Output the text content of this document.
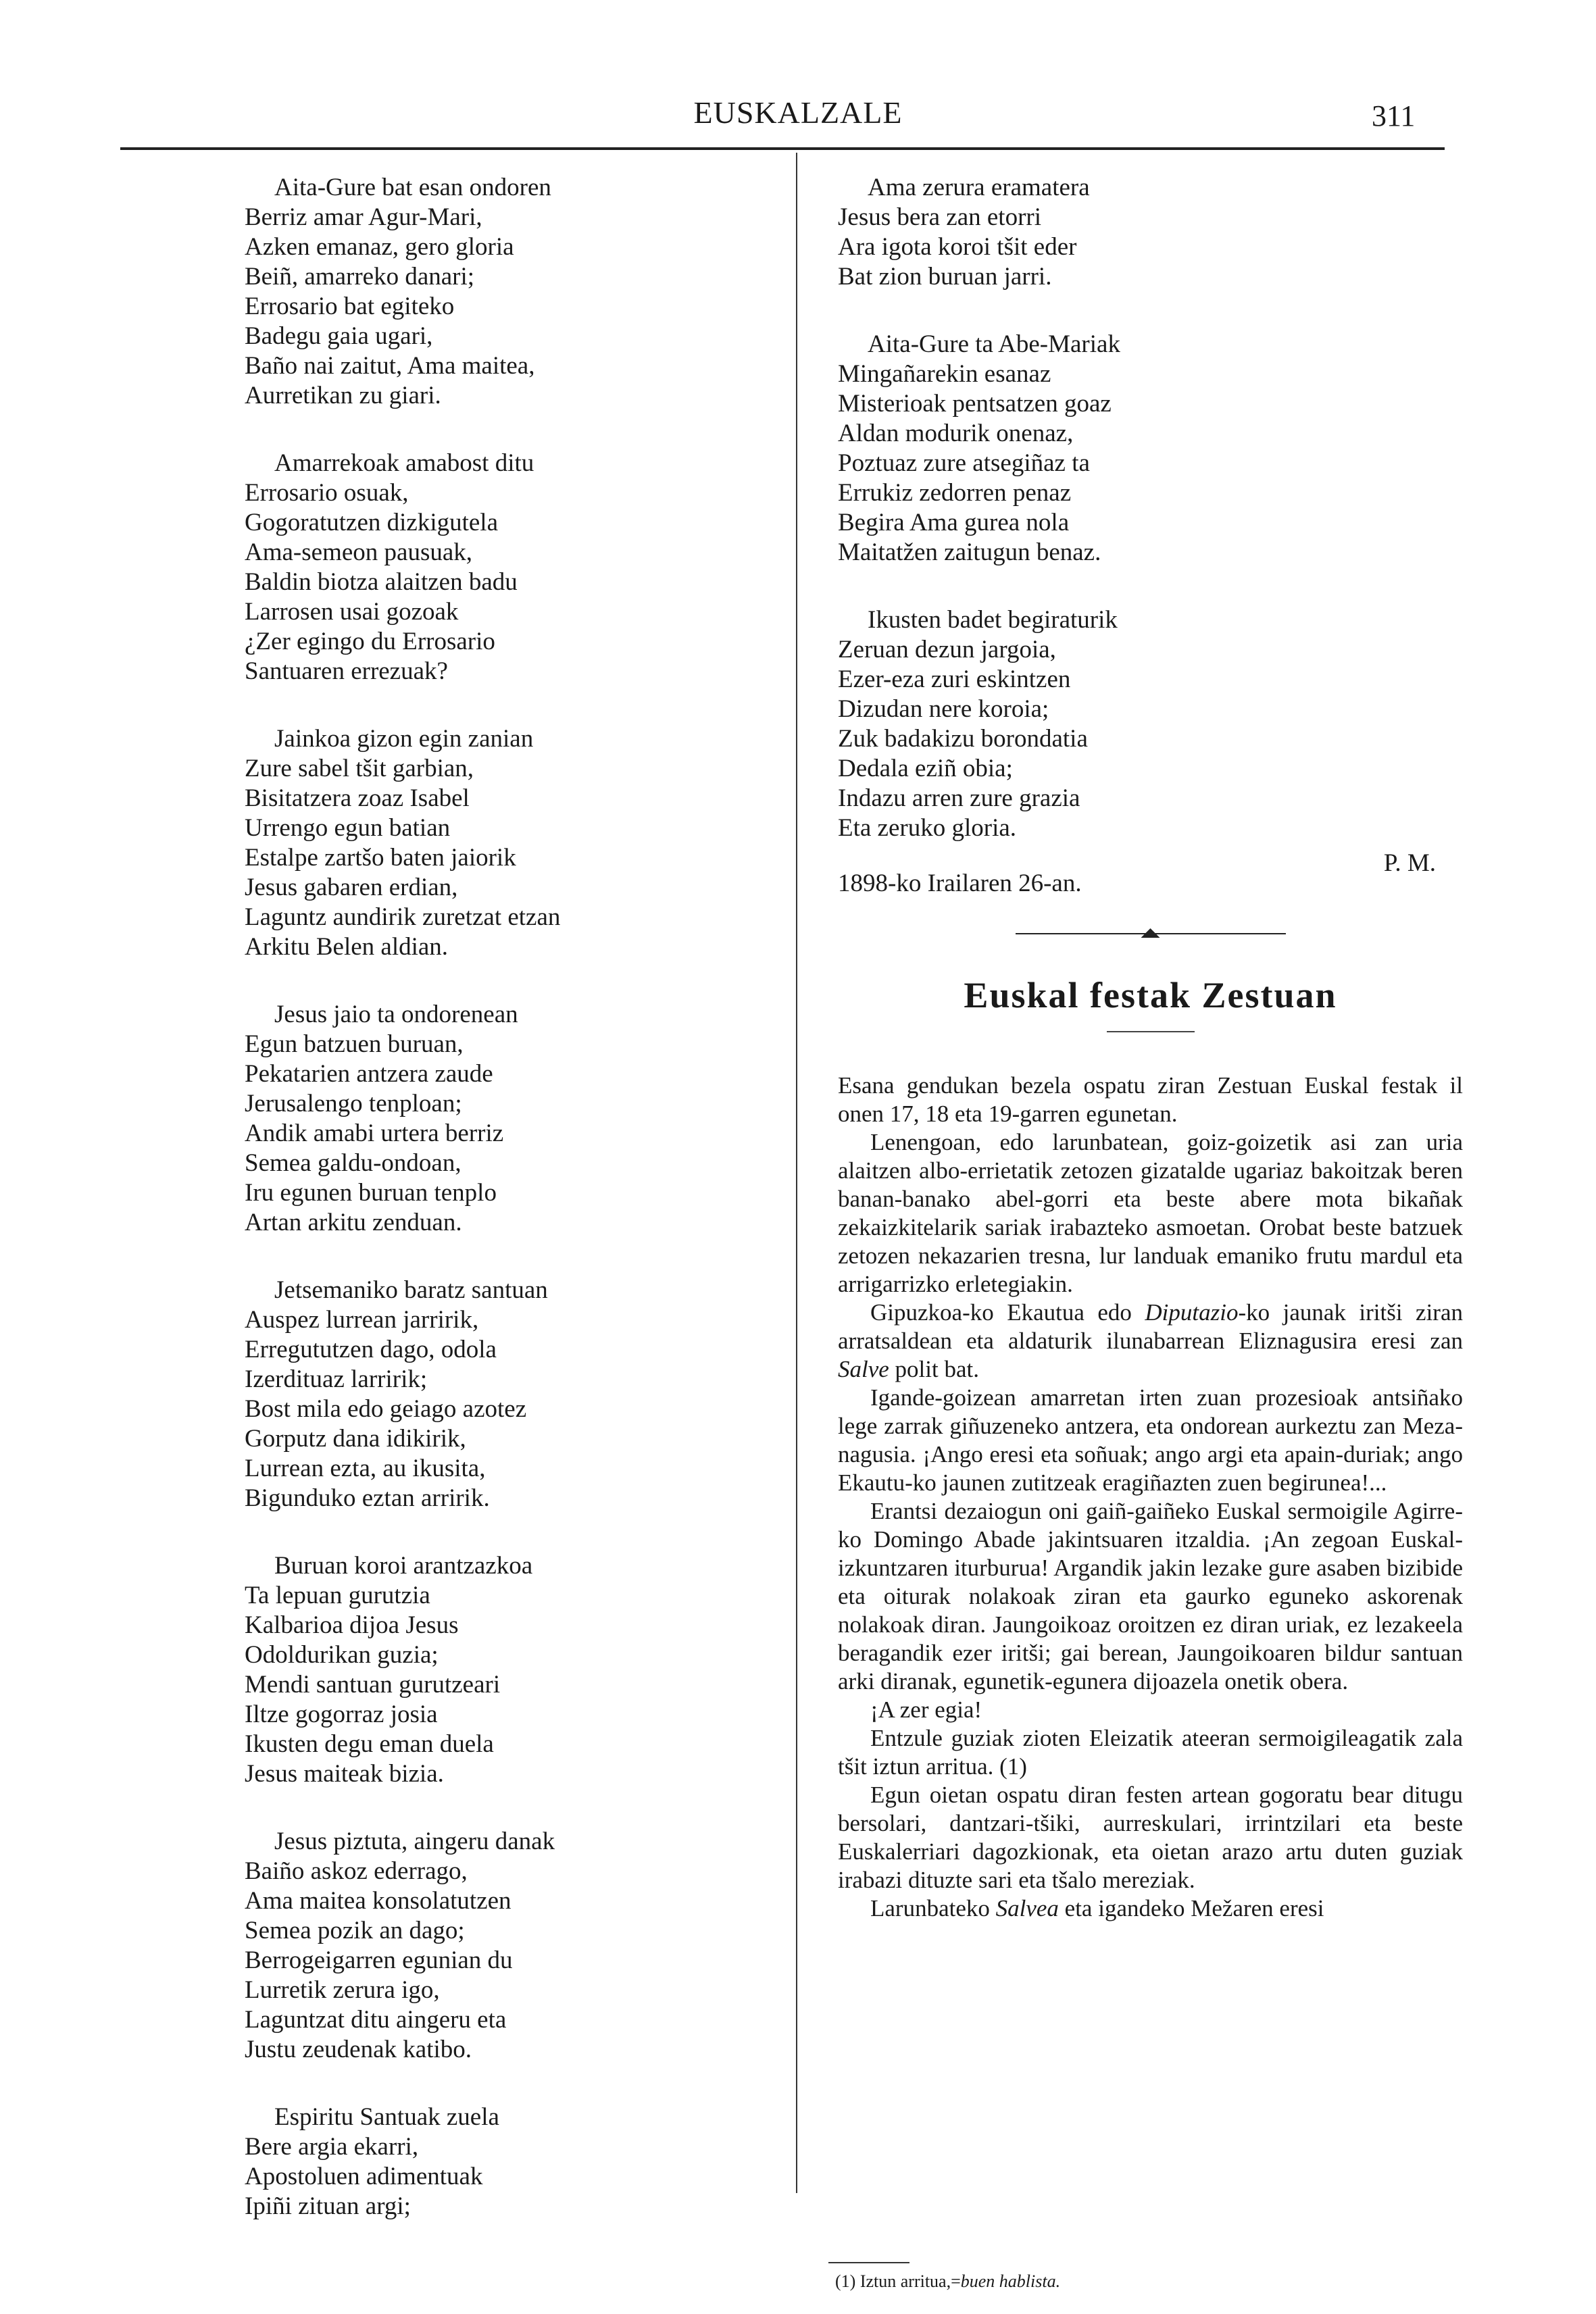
EUSKALZALE	311
Aita-Gure bat esan ondoren
Berriz amar Agur-Mari,
Azken emanaz, gero gloria
Beiñ, amarreko danari;
Errosario bat egiteko
Badegu gaia ugari,
Baño nai zaitut, Ama maitea,
Aurretikan zu giari.
Amarrekoak amabost ditu
Errosario osuak,
Gogoratutzen dizkigutela
Ama-semeon pausuak,
Baldin biotza alaitzen badu
Larrosen usai gozoak
¿Zer egingo du Errosario
Santuaren errezuak?
Jainkoa gizon egin zanian
Zure sabel tšit garbian,
Bisitatzera zoaz Isabel
Urrengo egun batian
Estalpe zartšo baten jaiorik
Jesus gabaren erdian,
Laguntz aundirik zuretzat etzan
Arkitu Belen aldian.
Jesus jaio ta ondorenean
Egun batzuen buruan,
Pekatarien antzera zaude
Jerusalengo tenploan;
Andik amabi urtera berriz
Semea galdu-ondoan,
Iru egunen buruan tenplo
Artan arkitu zenduan.
Jetsemaniko baratz santuan
Auspez lurrean jarririk,
Erregututzen dago, odola
Izerdituaz larririk;
Bost mila edo geiago azotez
Gorputz dana idikirik,
Lurrean ezta, au ikusita,
Bigunduko eztan arririk.
Buruan koroi arantzazkoa
Ta lepuan gurutzia
Kalbarioa dijoa Jesus
Odoldurikan guzia;
Mendi santuan gurutzeari
Iltze gogorraz josia
Ikusten degu eman duela
Jesus maiteak bizia.
Jesus piztuta, aingeru danak
Baiño askoz ederrago,
Ama maitea konsolatutzen
Semea pozik an dago;
Berrogeigarren egunian du
Lurretik zerura igo,
Laguntzat ditu aingeru eta
Justu zeudenak katibo.
Espiritu Santuak zuela
Bere argia ekarri,
Apostoluen adimentuak
Ipiñi zituan argi;
Ama zerura eramatera
Jesus bera zan etorri
Ara igota koroi tšit eder
Bat zion buruan jarri.
Aita-Gure ta Abe-Mariak
Mingañarekin esanaz
Misterioak pentsatzen goaz
Aldan modurik onenaz,
Poztuaz zure atsegiñaz ta
Errukiz zedorren penaz
Begira Ama gurea nola
Maitatžen zaitugun benaz.
Ikusten badet begiraturik
Zeruan dezun jargoia,
Ezer-eza zuri eskintzen
Dizudan nere koroia;
Zuk badakizu borondatia
Dedala eziñ obia;
Indazu arren zure grazia
Eta zeruko gloria.
1898-ko Irailaren 26-an.
P. M.
Euskal festak Zestuan

Esana gendukan bezela ospatu ziran Zestuan Euskal festak il onen 17, 18 eta 19-garren egunetan.

Lenengoan, edo larunbatean, goiz-goizetik asi zan uria alaitzen albo-errietatik zetozen gizatalde ugariaz bakoitzak beren banan-banako abel-gorri eta beste abere mota bikañak zekaizkitelarik sariak irabazteko asmoetan. Orobat beste batzuek zetozen nekazarien tresna, lur landuak emaniko frutu mardul eta arrigarrizko erletegiakin.

Gipuzkoa-ko Ekautua edo Diputazio-ko jaunak iritši ziran arratsaldean eta aldaturik ilunabarrean Eliznagusira eresi zan Salve polit bat.

Igande-goizean amarretan irten zuan prozesioak antsiñako lege zarrak giñuzeneko antzera, eta ondorean aurkeztu zan Meza-nagusia. ¡Ango eresi eta soñuak; ango argi eta apain-duriak; ango Ekautu-ko jaunen zutitzeak eragiñazten zuen begirunea!...

Erantsi dezaiogun oni gaiñ-gaiñeko Euskal sermoigile Agirre-ko Domingo Abade jakintsuaren itzaldia. ¡An zegoan Euskal-izkuntzaren iturburua! Argandik jakin lezake gure asaben bizibide eta oiturak nolakoak ziran eta gaurko eguneko askorenak nolakoak diran. Jaungoikoaz oroitzen ez diran uriak, ez lezakeela beragandik ezer iritši; gai berean, Jaungoikoaren bildur santuan arki diranak, egunetik-egunera dijoazela onetik obera.

¡A zer egia!

Entzule guziak zioten Eleizatik ateeran sermoigileagatik zala tšit iztun arritua. (1)

Egun oietan ospatu diran festen artean gogoratu bear ditugu bersolari, dantzari-tšiki, aurreskulari, irrintzilari eta beste Euskalerriari dagozkionak, eta oietan arazo artu duten guziak irabazi dituzte sari eta tšalo mereziak.

Larunbateko Salvea eta igandeko Mežaren eresi

(1) Iztun arritua,=buen hablista.
